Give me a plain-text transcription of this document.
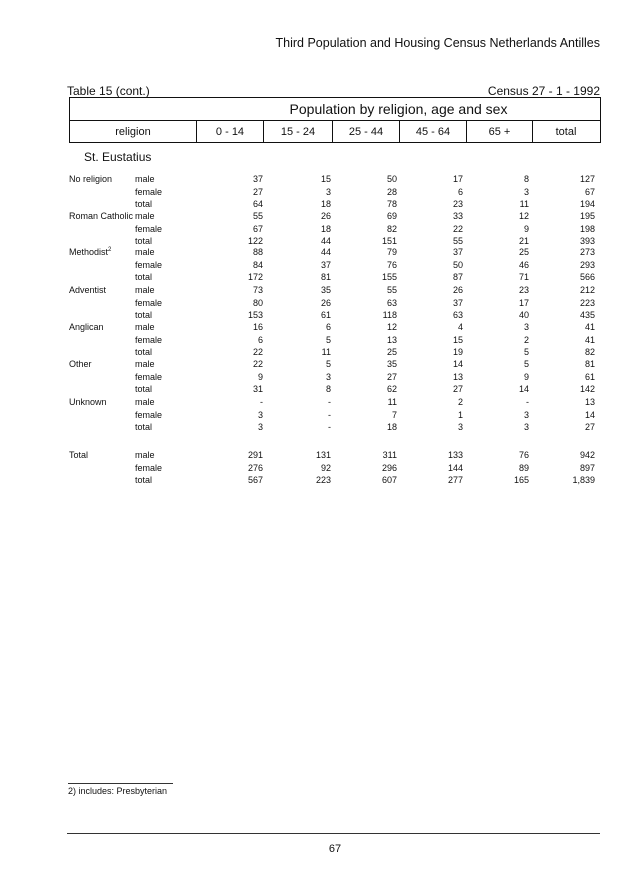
Third Population and Housing Census Netherlands Antilles
Table 15 (cont.)	Census 27 - 1 - 1992
Population by religion, age and sex
religion	0 - 14	15 - 24	25 - 44	45 - 64	65 +	total
St. Eustatius
No religion	male	37	15	50	17	8	127
female	27	3	28	6	3	67
total	64	18	78	23	11	194
Roman Catholic male	55	26	69	33	12	195
female	67	18	82	22	9	198
total	122	44	151	55	21	393
Methodist$^2$	male	88	44	79	37	25	273
female	84	37	76	50	46	293
total	172	81	155	87	71	566
Adventist	male	73	35	55	26	23	212
female	80	26	63	37	17	223
total	153	61	118	63	40	435
Anglican	male	16	6	12	4	3	41
female	6	5	13	15	2	41
total	22	11	25	19	5	82
Other	male	22	5	35	14	5	81
female	9	3	27	13	9	61
total	31	8	62	27	14	142
Unknown	male	-	-	11	2	-	13
female	3	-	7	1	3	14
total	3	-	18	3	3	27
Total	male	291	131	311	133	76	942
female	276	92	296	144	89	897
total	567	223	607	277	165	1,839
2) includes: Presbyterian
67
